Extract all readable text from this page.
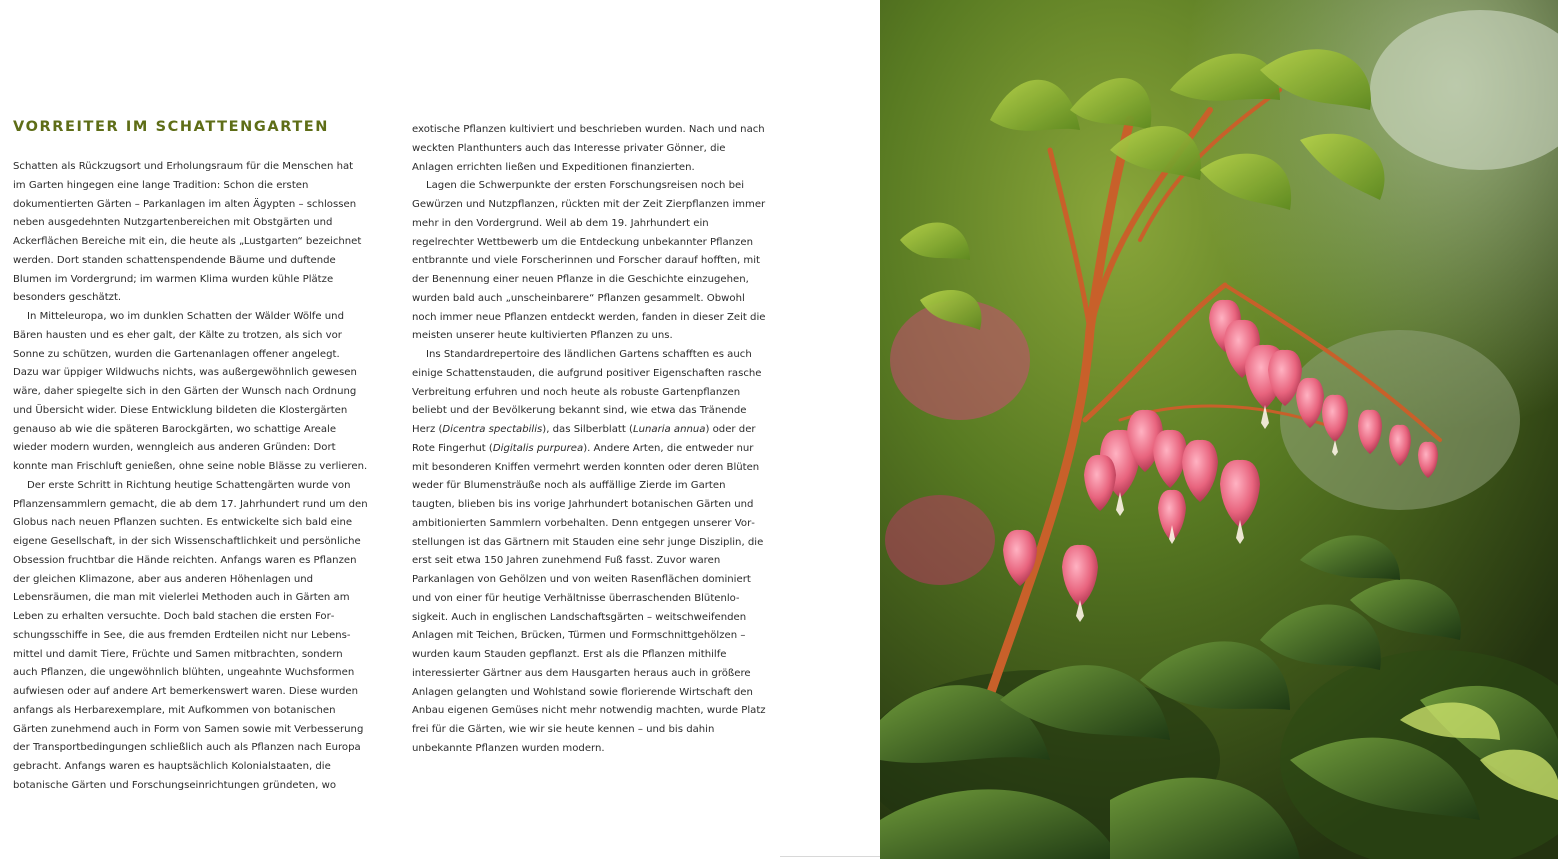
VORREITER IM SCHATTENGARTEN

Schatten als Rückzugsort und Erholungsraum für die Menschen hat im Garten hingegen eine lange Tradition: Schon die ersten dokumentierten Gärten – Parkanlagen im alten Ägypten – schlossen neben ausgedehnten Nutzgartenbereichen mit Obstgärten und Ackerflächen Bereiche mit ein, die heute als „Lustgarten“ bezeichnet werden. Dort standen schattenspendende Bäume und duftende Blumen im Vordergrund; im warmen Klima wurden kühle Plätze besonders geschätzt.

In Mitteleuropa, wo im dunklen Schatten der Wälder Wölfe und Bären hausten und es eher galt, der Kälte zu trotzen, als sich vor Sonne zu schützen, wurden die Gartenanlagen offener angelegt. Dazu war üppiger Wildwuchs nichts, was außergewöhnlich gewesen wäre, daher spiegelte sich in den Gärten der Wunsch nach Ordnung und Übersicht wider. Diese Entwicklung bildeten die Klostergärten genauso ab wie die späteren Barockgärten, wo schattige Areale wieder modern wurden, wenngleich aus anderen Gründen: Dort konnte man Frischluft genießen, ohne seine noble Blässe zu verlieren.

Der erste Schritt in Richtung heutige Schattengärten wurde von Pflanzensammlern gemacht, die ab dem 17. Jahrhundert rund um den Globus nach neuen Pflanzen suchten. Es entwickelte sich bald eine eigene Gesellschaft, in der sich Wissenschaftlichkeit und persönliche Obsession fruchtbar die Hände reichten. Anfangs waren es Pflanzen der gleichen Klimazone, aber aus anderen Höhenlagen und Lebensräumen, die man mit vielerlei Methoden auch in Gärten am Leben zu erhalten versuchte. Doch bald stachen die ersten Forschungsschiffe in See, die aus fremden Erdteilen nicht nur Lebensmittel und damit Tiere, Früchte und Samen mitbrachten, sondern auch Pflanzen, die ungewöhnlich blühten, ungeahnte Wuchsformen aufwiesen oder auf andere Art bemerkenswert waren. Diese wurden anfangs als Herbarexemplare, mit Aufkommen von botanischen Gärten zunehmend auch in Form von Samen sowie mit Verbesserung der Transportbedingungen schließlich auch als Pflanzen nach Europa gebracht. Anfangs waren es hauptsächlich Kolonialstaaten, die botanische Gärten und Forschungseinrichtungen gründeten, wo

exotische Pflanzen kultiviert und beschrieben wurden. Nach und nach weckten Planthunters auch das Interesse privater Gönner, die Anlagen errichten ließen und Expeditionen finanzierten.

Lagen die Schwerpunkte der ersten Forschungsreisen noch bei Gewürzen und Nutzpflanzen, rückten mit der Zeit Zierpflanzen immer mehr in den Vordergrund. Weil ab dem 19. Jahrhundert ein regelrechter Wettbewerb um die Entdeckung unbekannter Pflanzen entbrannte und viele Forscherinnen und Forscher darauf hofften, mit der Benennung einer neuen Pflanze in die Geschichte einzugehen, wurden bald auch „unscheinbarere“ Pflanzen gesammelt. Obwohl noch immer neue Pflanzen entdeckt werden, fanden in dieser Zeit die meisten unserer heute kultivierten Pflanzen zu uns.

Ins Standardrepertoire des ländlichen Gartens schafften es auch einige Schattenstauden, die aufgrund positiver Eigenschaften rasche Verbreitung erfuhren und noch heute als robuste Gartenpflanzen beliebt und der Bevölkerung bekannt sind, wie etwa das Tränende Herz (Dicentra spectabilis), das Silberblatt (Lunaria annua) oder der Rote Fingerhut (Digitalis purpurea). Andere Arten, die entweder nur mit besonderen Kniffen vermehrt werden konnten oder deren Blüten weder für Blumensträuße noch als auffällige Zierde im Garten taugten, blieben bis ins vorige Jahrhundert botanischen Gärten und ambitionierten Sammlern vorbehalten. Denn entgegen unserer Vorstellungen ist das Gärtnern mit Stauden eine sehr junge Disziplin, die erst seit etwa 150 Jahren zunehmend Fuß fasst. Zuvor waren Parkanlagen von Gehölzen und von weiten Rasenflächen dominiert und von einer für heutige Verhältnisse überraschenden Blütenlosigkeit. Auch in englischen Landschaftsgärten – weitschweifenden Anlagen mit Teichen, Brücken, Türmen und Formschnittgehölzen – wurden kaum Stauden gepflanzt. Erst als die Pflanzen mithilfe interessierter Gärtner aus dem Hausgarten heraus auch in größere Anlagen gelangten und Wohlstand sowie florierende Wirtschaft den Anbau eigenen Gemüses nicht mehr notwendig machten, wurde Platz frei für die Gärten, wie wir sie heute kennen – und bis dahin unbekannte Pflanzen wurden modern.
